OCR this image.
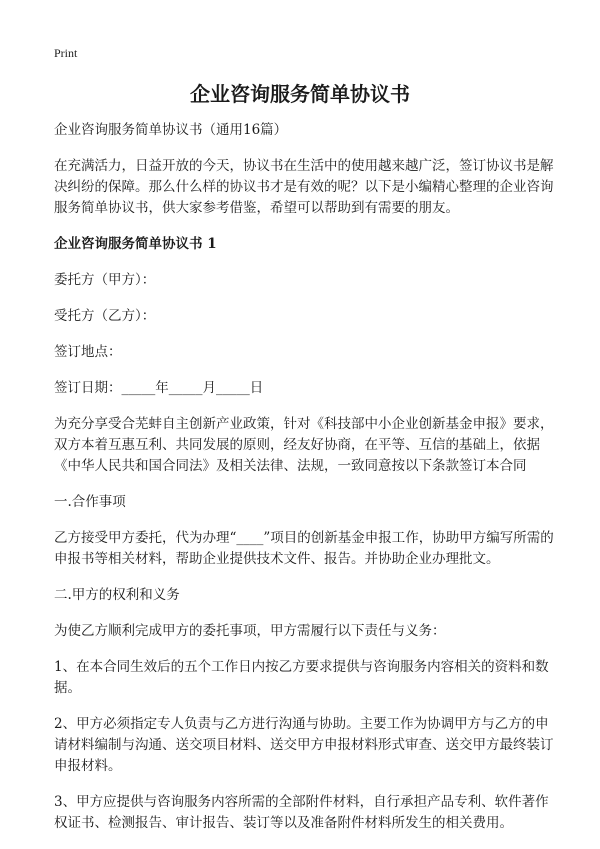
Print
企业咨询服务简单协议书

企业咨询服务简单协议书（通用16篇）

在充满活力，日益开放的今天，协议书在生活中的使用越来越广泛，签订协议书是解决纠纷的保障。那么什么样的协议书才是有效的呢？以下是小编精心整理的企业咨询服务简单协议书，供大家参考借鉴，希望可以帮助到有需要的朋友。

企业咨询服务简单协议书 1

委托方（甲方）：

受托方（乙方）：

签订地点：

签订日期：_____年_____月_____日

为充分享受合芜蚌自主创新产业政策，针对《科技部中小企业创新基金申报》要求，双方本着互惠互利、共同发展的原则，经友好协商，在平等、互信的基础上，依据《中华人民共和国合同法》及相关法律、法规，一致同意按以下条款签订本合同

一.合作事项

乙方接受甲方委托，代为办理“____”项目的创新基金申报工作，协助甲方编写所需的申报书等相关材料，帮助企业提供技术文件、报告。并协助企业办理批文。

二.甲方的权利和义务

为使乙方顺利完成甲方的委托事项，甲方需履行以下责任与义务：

1、在本合同生效后的五个工作日内按乙方要求提供与咨询服务内容相关的资料和数据。

2、甲方必须指定专人负责与乙方进行沟通与协助。主要工作为协调甲方与乙方的申请材料编制与沟通、送交项目材料、送交甲方申报材料形式审查、送交甲方最终装订申报材料。

3、甲方应提供与咨询服务内容所需的全部附件材料，自行承担产品专利、软件著作权证书、检测报告、审计报告、装订等以及准备附件材料所发生的相关费用。
